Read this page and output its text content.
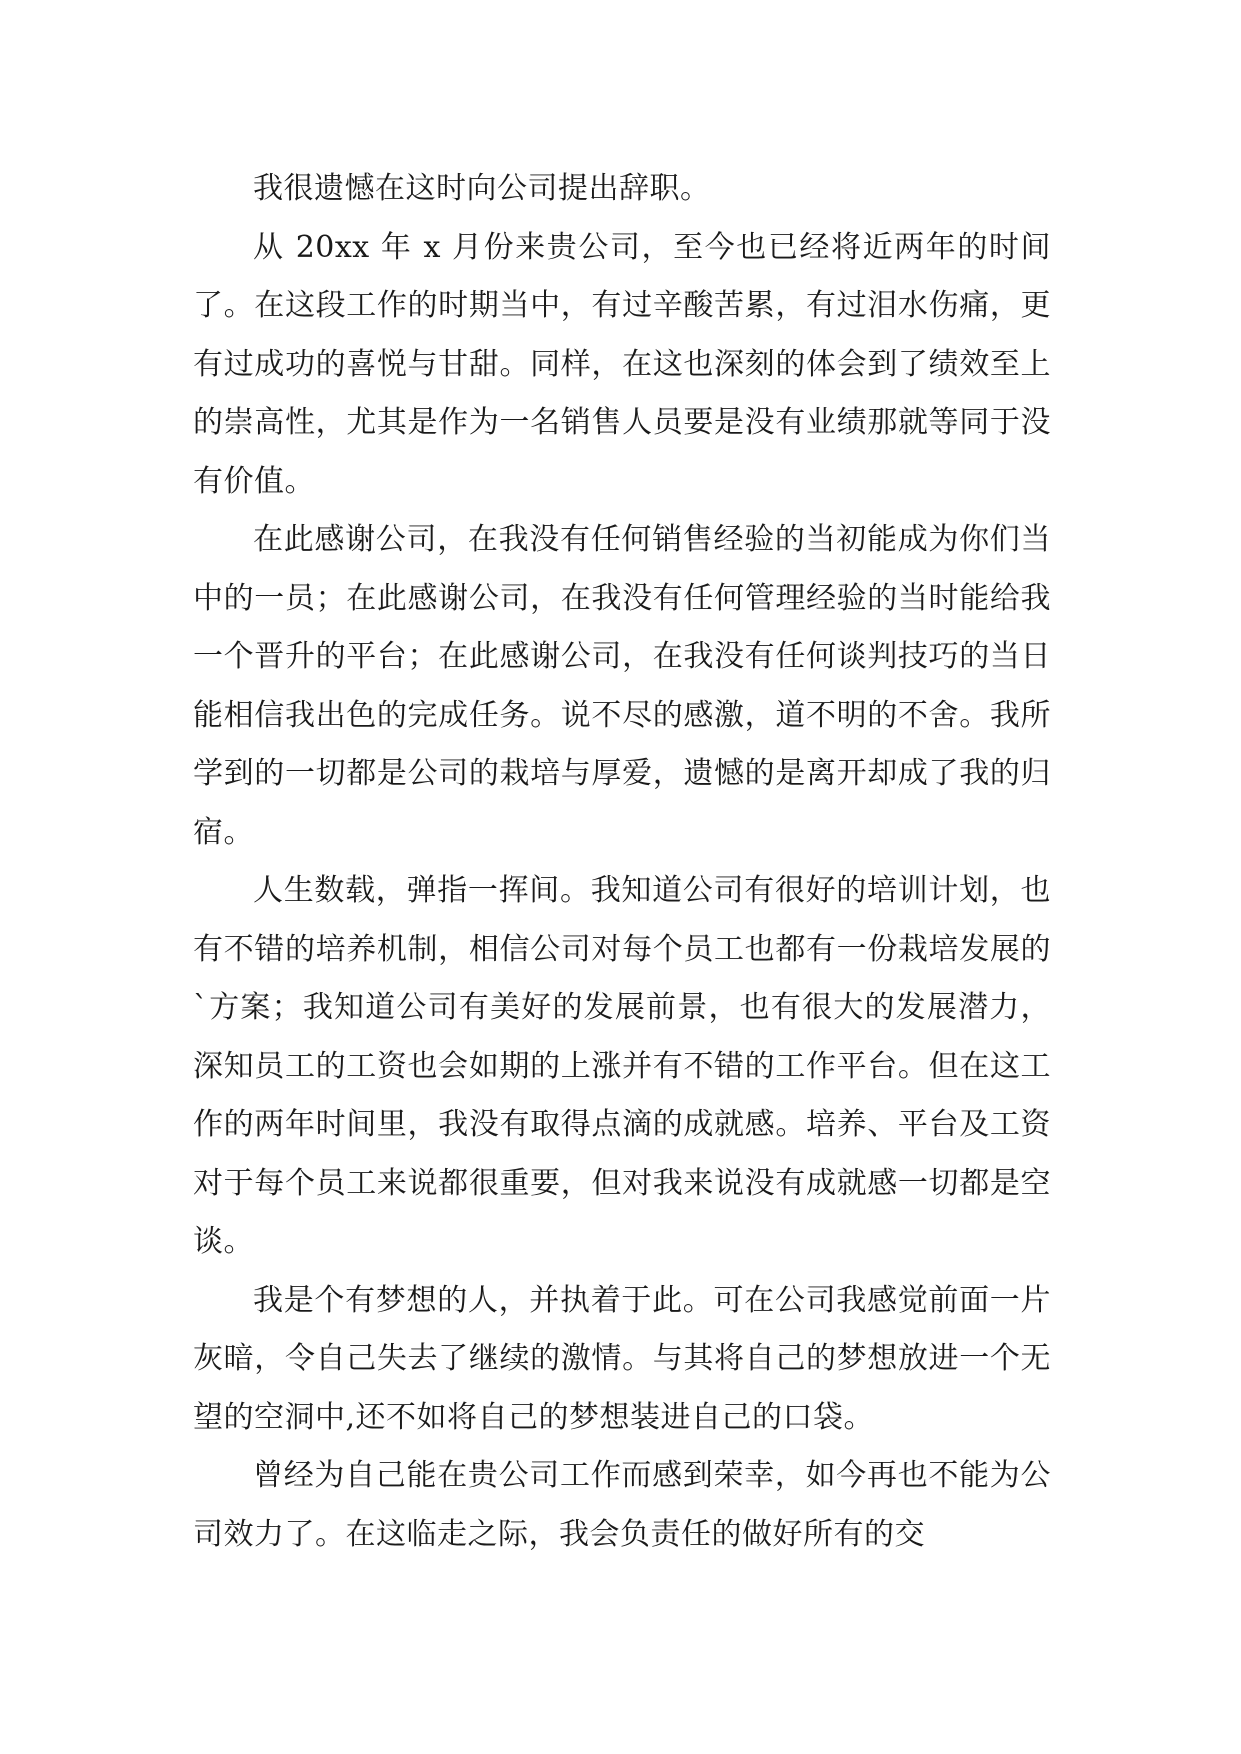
我很遗憾在这时向公司提出辞职。

从 20xx 年 x 月份来贵公司，至今也已经将近两年的时间了。在这段工作的时期当中，有过辛酸苦累，有过泪水伤痛，更有过成功的喜悦与甘甜。同样，在这也深刻的体会到了绩效至上的崇高性，尤其是作为一名销售人员要是没有业绩那就等同于没有价值。

在此感谢公司，在我没有任何销售经验的当初能成为你们当中的一员；在此感谢公司，在我没有任何管理经验的当时能给我一个晋升的平台；在此感谢公司，在我没有任何谈判技巧的当日能相信我出色的完成任务。说不尽的感激，道不明的不舍。我所学到的一切都是公司的栽培与厚爱，遗憾的是离开却成了我的归宿。

人生数载，弹指一挥间。我知道公司有很好的培训计划，也有不错的培养机制，相信公司对每个员工也都有一份栽培发展的`方案；我知道公司有美好的发展前景，也有很大的发展潜力，深知员工的工资也会如期的上涨并有不错的工作平台。但在这工作的两年时间里，我没有取得点滴的成就感。培养、平台及工资对于每个员工来说都很重要，但对我来说没有成就感一切都是空谈。

我是个有梦想的人，并执着于此。可在公司我感觉前面一片灰暗，令自己失去了继续的激情。与其将自己的梦想放进一个无望的空洞中,还不如将自己的梦想装进自己的口袋。

曾经为自己能在贵公司工作而感到荣幸，如今再也不能为公司效力了。在这临走之际，我会负责任的做好所有的交
